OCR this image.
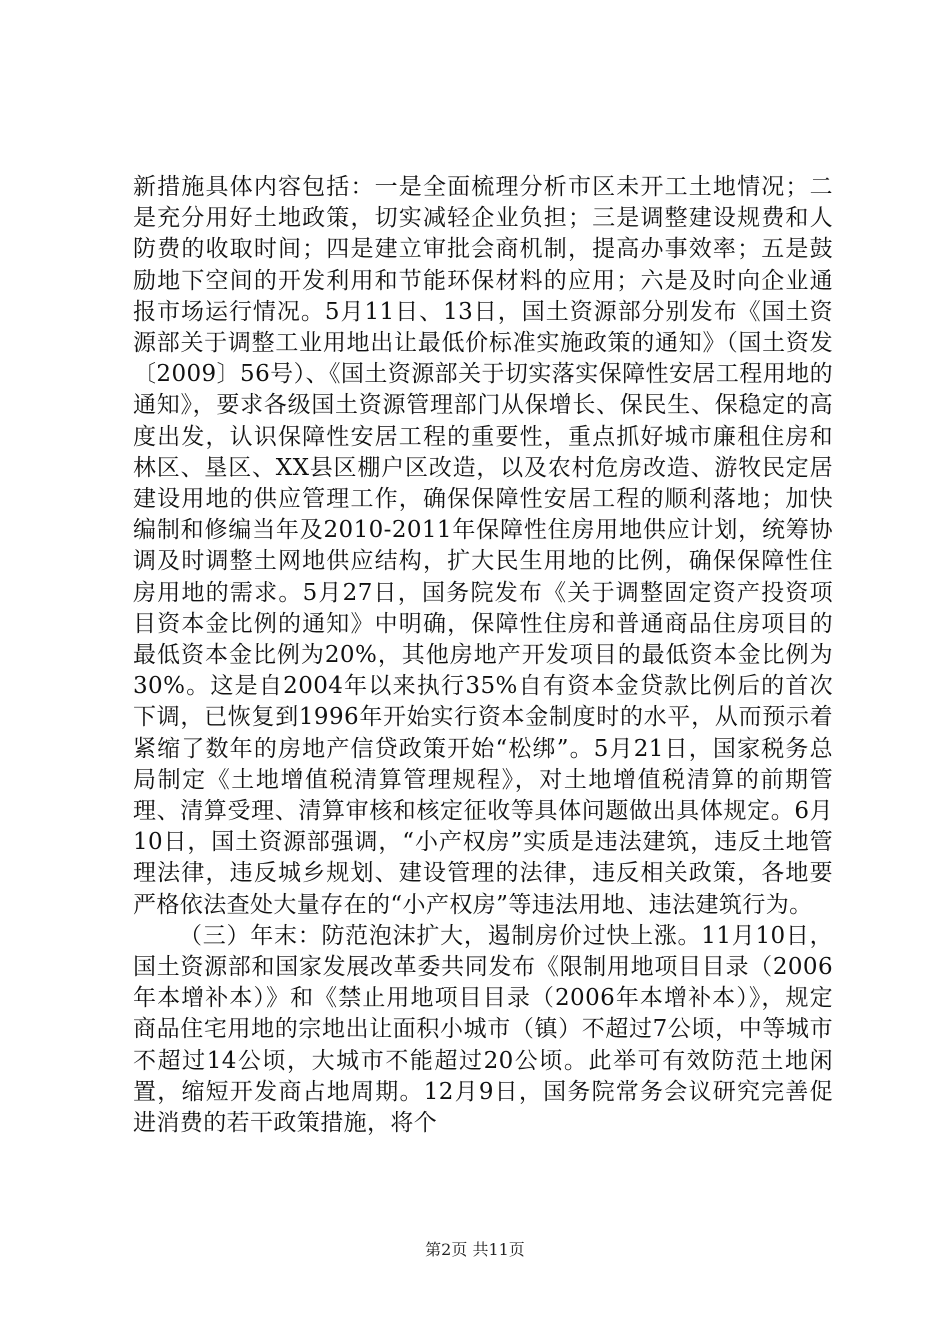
新措施具体内容包括：一是全面梳理分析市区未开工土地情况；二是充分用好土地政策，切实减轻企业负担；三是调整建设规费和人防费的收取时间；四是建立审批会商机制，提高办事效率；五是鼓励地下空间的开发利用和节能环保材料的应用；六是及时向企业通报市场运行情况。5月11日、13日，国土资源部分别发布《国土资源部关于调整工业用地出让最低价标准实施政策的通知》（国土资发〔2009〕56号）、《国土资源部关于切实落实保障性安居工程用地的通知》，要求各级国土资源管理部门从保增长、保民生、保稳定的高度出发，认识保障性安居工程的重要性，重点抓好城市廉租住房和林区、垦区、XX县区棚户区改造，以及农村危房改造、游牧民定居建设用地的供应管理工作，确保保障性安居工程的顺利落地；加快编制和修编当年及2010-2011年保障性住房用地供应计划，统筹协调及时调整土网地供应结构，扩大民生用地的比例，确保保障性住房用地的需求。5月27日，国务院发布《关于调整固定资产投资项目资本金比例的通知》中明确，保障性住房和普通商品住房项目的最低资本金比例为20%，其他房地产开发项目的最低资本金比例为30%。这是自2004年以来执行35%自有资本金贷款比例后的首次下调，已恢复到1996年开始实行资本金制度时的水平，从而预示着紧缩了数年的房地产信贷政策开始“松绑”。5月21日，国家税务总局制定《土地增值税清算管理规程》，对土地增值税清算的前期管理、清算受理、清算审核和核定征收等具体问题做出具体规定。6月10日，国土资源部强调，“小产权房”实质是违法建筑，违反土地管理法律，违反城乡规划、建设管理的法律，违反相关政策，各地要严格依法查处大量存在的“小产权房”等违法用地、违法建筑行为。

（三）年末：防范泡沫扩大，遏制房价过快上涨。11月10日，国土资源部和国家发展改革委共同发布《限制用地项目目录（2006年本增补本）》和《禁止用地项目目录（2006年本增补本）》，规定商品住宅用地的宗地出让面积小城市（镇）不超过7公顷，中等城市不超过14公顷，大城市不能超过20公顷。此举可有效防范土地闲置，缩短开发商占地周期。12月9日，国务院常务会议研究完善促进消费的若干政策措施，将个

第2页 共11页
